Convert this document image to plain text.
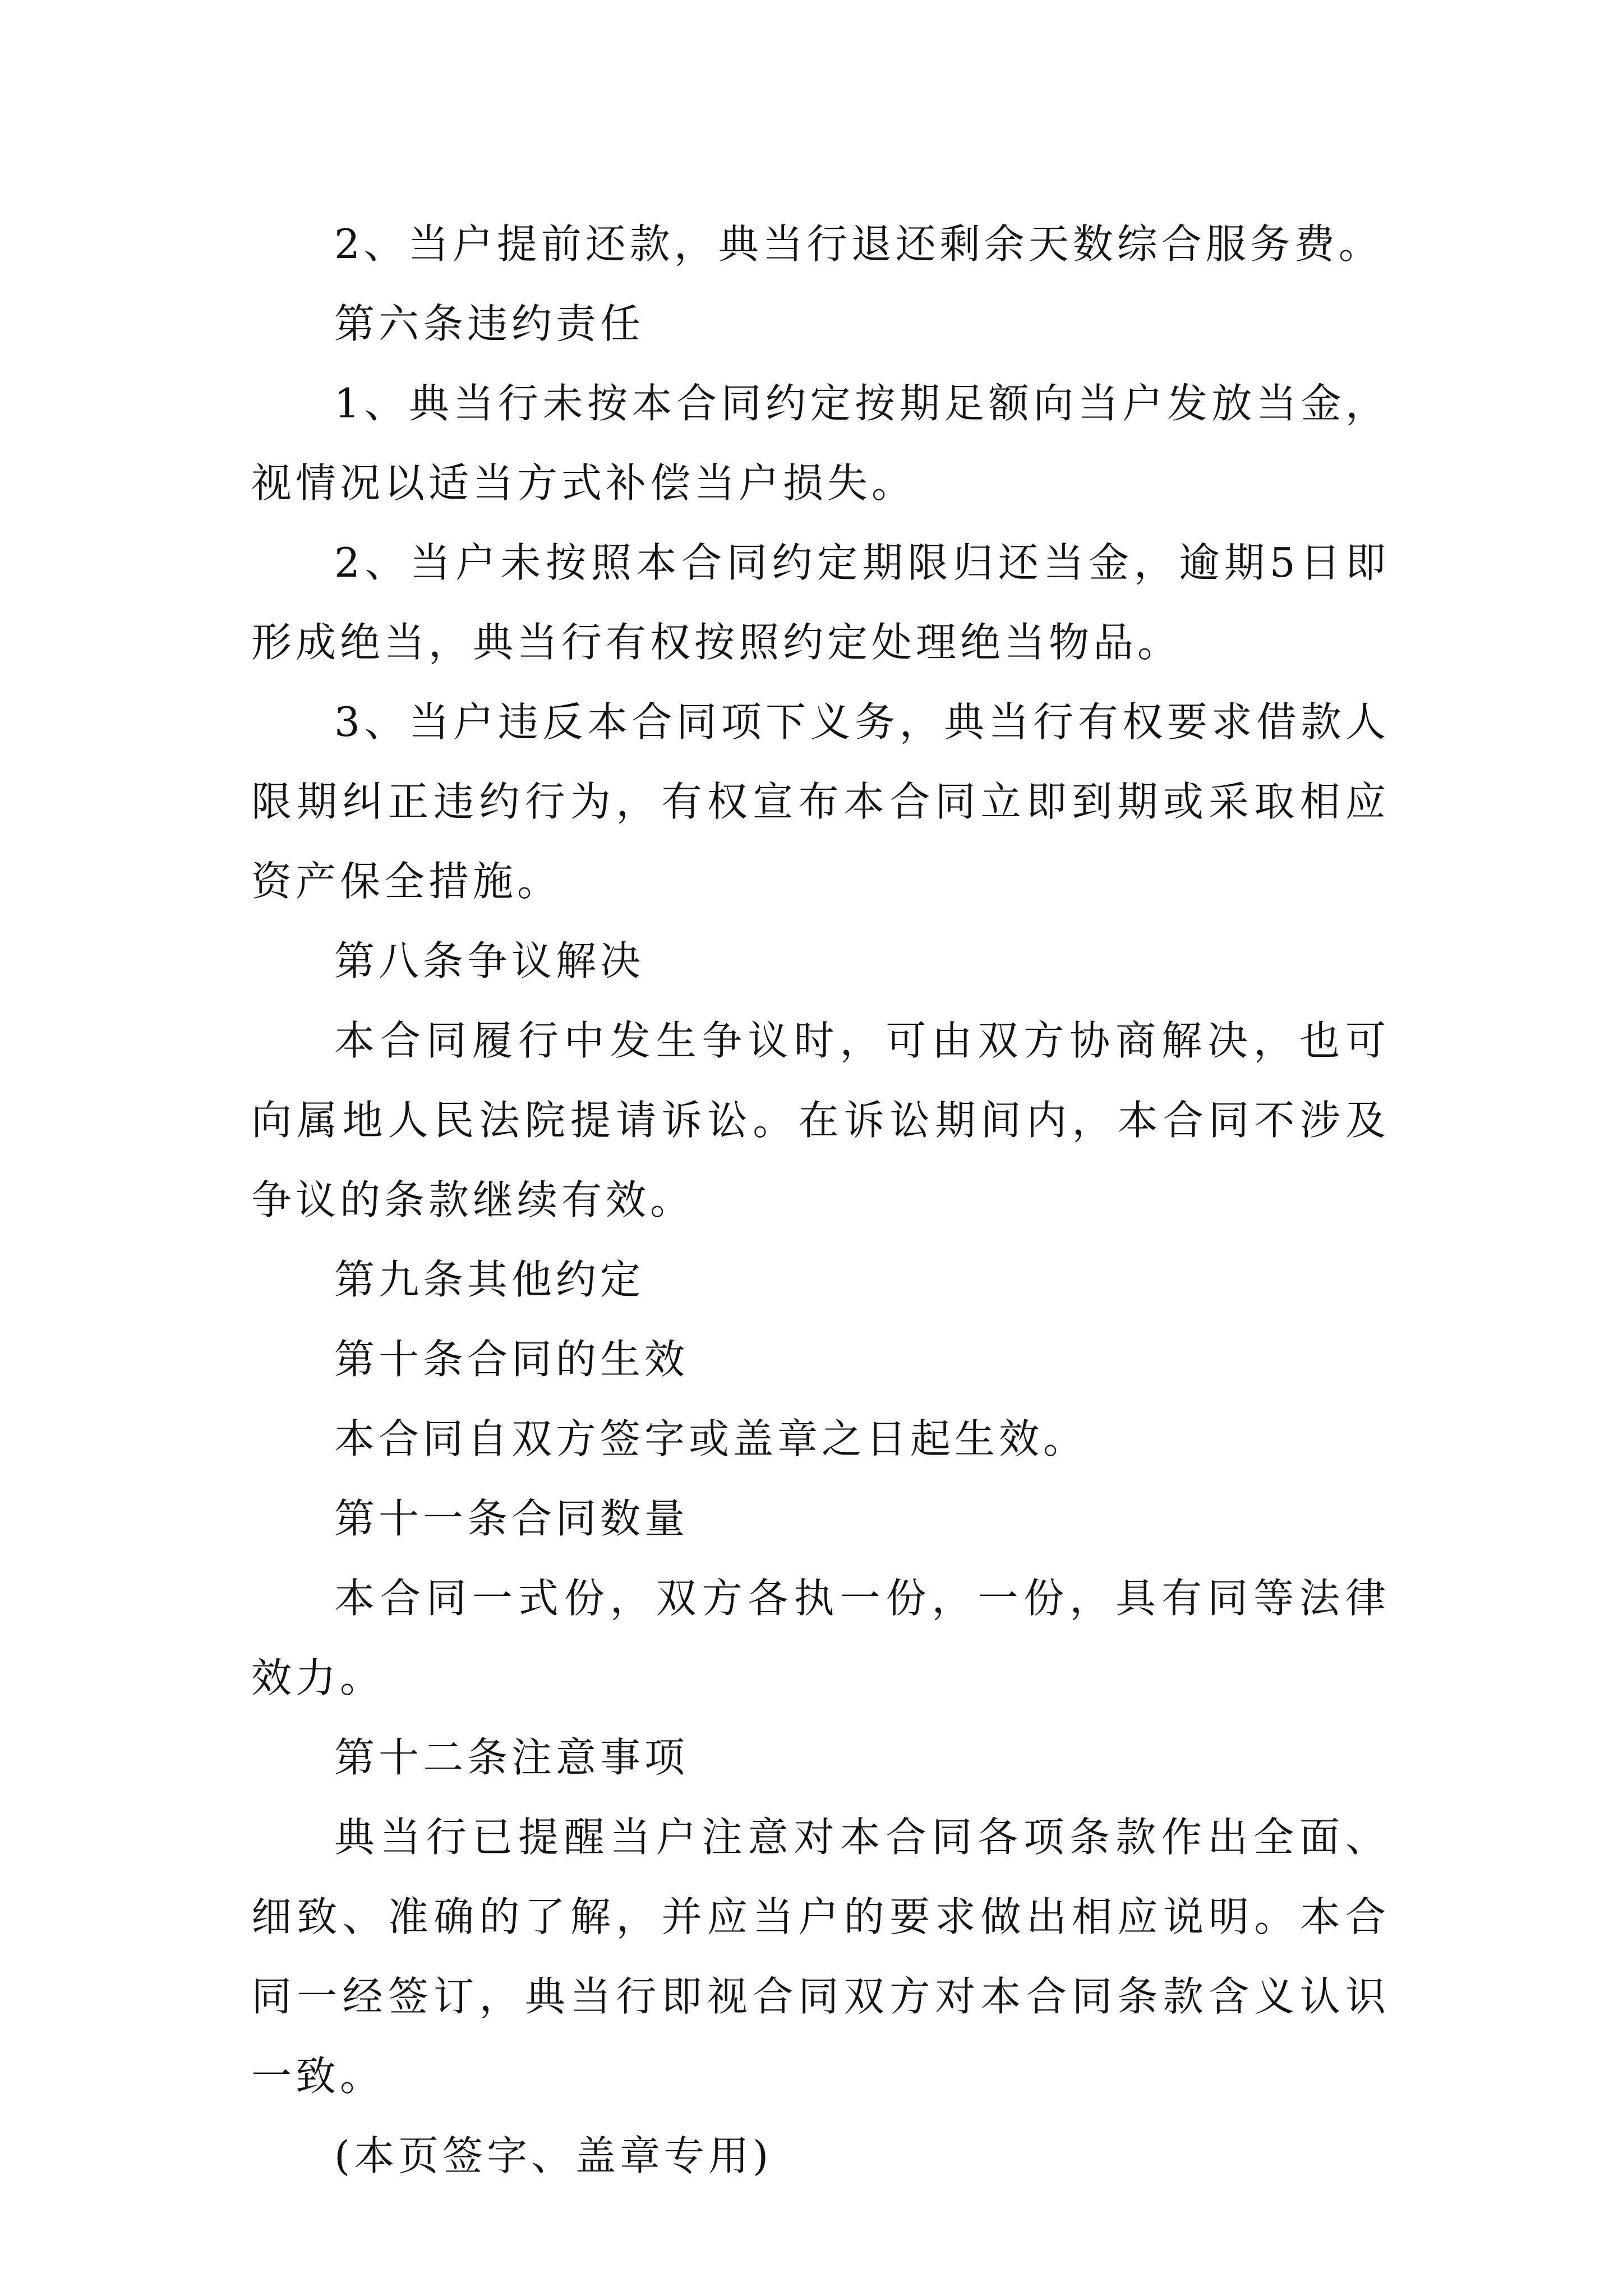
2、当户提前还款，典当行退还剩余天数综合服务费。

第六条违约责任

1、典当行未按本合同约定按期足额向当户发放当金，视情况以适当方式补偿当户损失。

2、当户未按照本合同约定期限归还当金，逾期5日即形成绝当，典当行有权按照约定处理绝当物品。

3、当户违反本合同项下义务，典当行有权要求借款人限期纠正违约行为，有权宣布本合同立即到期或采取相应资产保全措施。

第八条争议解决

本合同履行中发生争议时，可由双方协商解决，也可向属地人民法院提请诉讼。在诉讼期间内，本合同不涉及争议的条款继续有效。

第九条其他约定

第十条合同的生效

本合同自双方签字或盖章之日起生效。

第十一条合同数量

本合同一式份，双方各执一份，一份，具有同等法律效力。

第十二条注意事项

典当行已提醒当户注意对本合同各项条款作出全面、细致、准确的了解，并应当户的要求做出相应说明。本合同一经签订，典当行即视合同双方对本合同条款含义认识一致。

(本页签字、盖章专用)
